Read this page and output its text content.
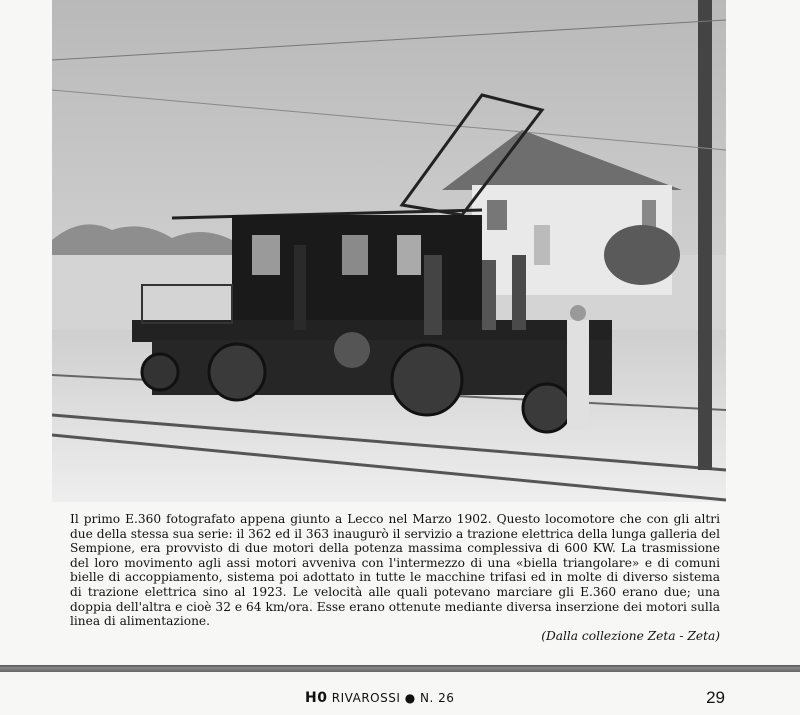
Il primo E.360 fotografato appena giunto a Lecco nel Marzo 1902. Questo locomotore che con gli altri due della stessa sua serie: il 362 ed il 363 inaugurò il servizio a trazione elettrica della lunga galleria del Sempione, era provvisto di due motori della potenza massima complessiva di 600 KW. La trasmissione del loro movimento agli assi motori avveniva con l'intermezzo di una «biella triangolare» e di comuni bielle di accoppiamento, sistema poi adottato in tutte le macchine trifasi ed in molte di diverso sistema di trazione elettrica sino al 1923. Le velocità alle quali potevano marciare gli E.360 erano due; una doppia dell'altra e cioè 32 e 64 km/ora. Esse erano ottenute mediante diversa inserzione dei motori sulla linea di alimentazione.

(Dalla collezione Zeta - Zeta)

H0 RIVAROSSI ● N. 26	29
